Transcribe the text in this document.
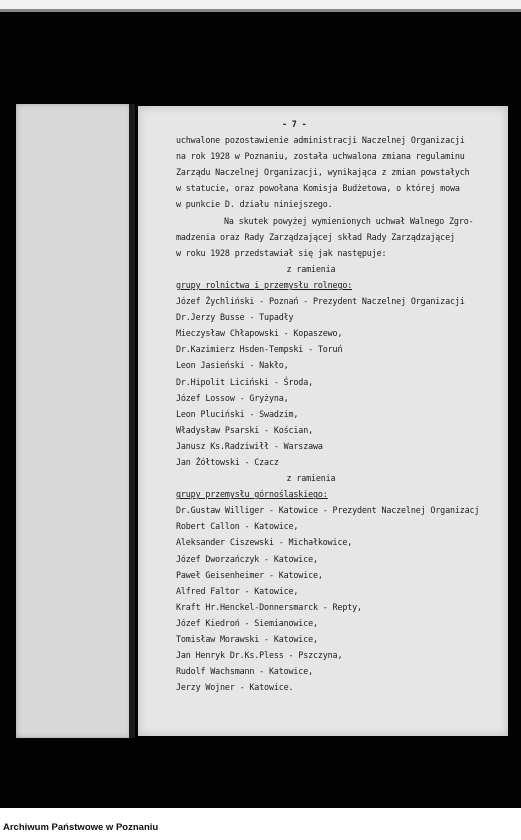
- 7 -
uchwalone pozostawienie administracji Naczelnej Organizacji
na rok 1928 w Poznaniu, została uchwalona zmiana regulaminu
Zarządu Naczelnej Organizacji, wynikająca z zmian powstałych
w statucie, oraz powołana Komisja Budżetowa, o której mowa
w punkcie D. działu niniejszego.
Na skutek powyżej wymienionych uchwał Walnego Zgro-
madzenia oraz Rady Zarządzającej skład Rady Zarządzającej
w roku 1928 przedstawiał się jak następuje:
z ramienia
grupy rolnictwa i przemysłu rolnego:
Józef Żychliński - Poznań - Prezydent Naczelnej Organizacji
Dr.Jerzy Busse - Tupadły
Mieczysław Chłapowski - Kopaszewo,
Dr.Kazimierz Hsden-Tempski - Toruń
Leon Jasieński - Nakło,
Dr.Hipolit Liciński - Środa,
Józef Lossow - Gryżyna,
Leon Pluciński - Swadzim,
Władysław Psarski - Kościan,
Janusz Ks.Radziwiłł - Warszawa
Jan Żółtowski - Czacz
z ramienia
grupy przemysłu górnośląskiego:
Dr.Gustaw Williger - Katowice - Prezydent Naczelnej Organizacj
Robert Callon - Katowice,
Aleksander Ciszewski - Michałkowice,
Józef Dworzańczyk - Katowice,
Paweł Geisenheimer - Katowice,
Alfred Faltor - Katowice,
Kraft Hr.Henckel-Donnersmarck - Repty,
Józef Kiedroń - Siemianowice,
Tomisław Morawski - Katowice,
Jan Henryk Dr.Ks.Pless - Pszczyna,
Rudolf Wachsmann - Katowice,
Jerzy Wojner - Katowice.
Archiwum Państwowe w Poznaniu
